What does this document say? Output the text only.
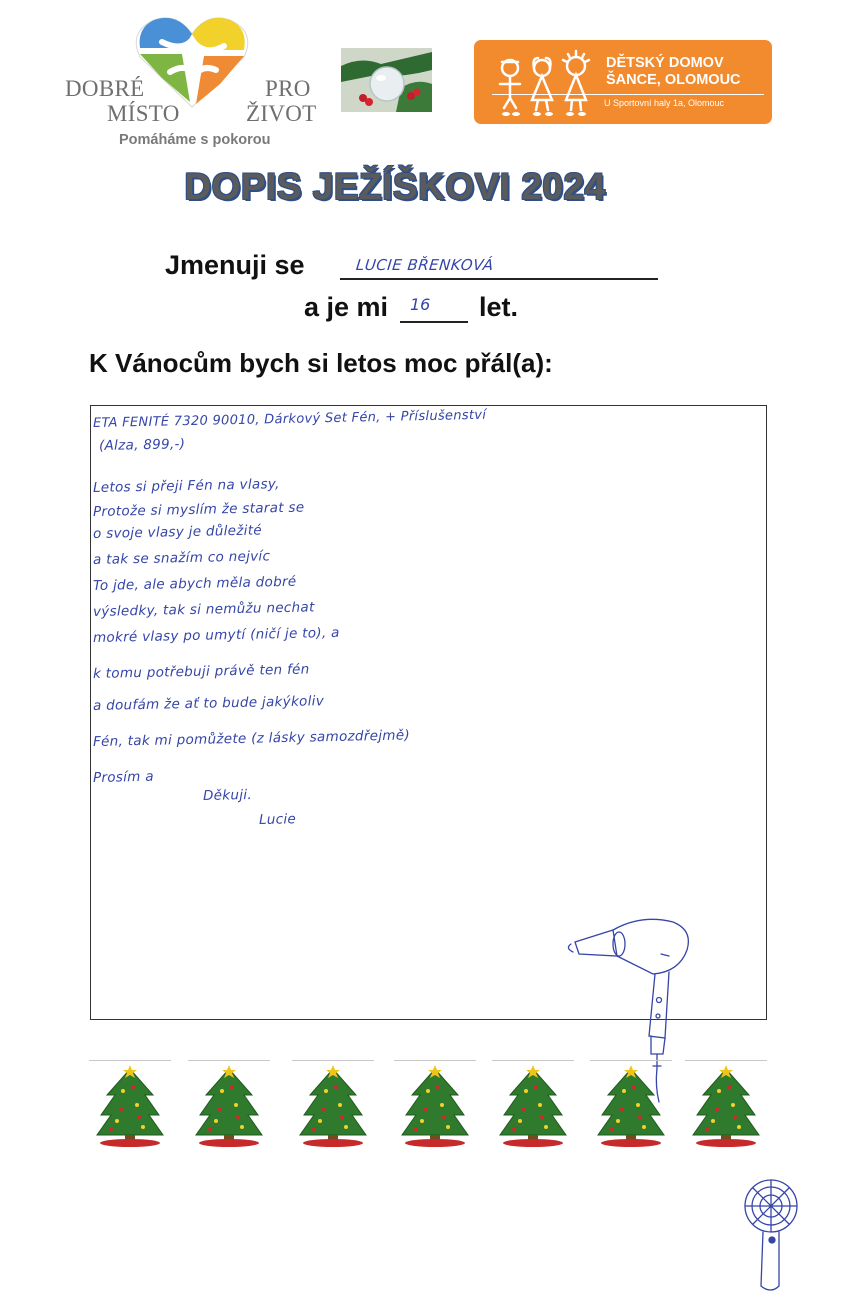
DOBRÉ	PRO
MÍSTO	ŽIVOT
Pomáháme s pokorou
DĚTSKÝ DOMOV
ŠANCE, OLOMOUC
U Sportovní haly 1a, Olomouc
DOPIS JEŽÍŠKOVI 2024
Jmenuji se	LUCIE BŘENKOVÁ
a je mi 16 let.
K Vánocům bych si letos moc přál(a):
ETA FENITÉ 7320 90010, Dárkový Set Fén, + Příslušenství
(Alza, 899,-)
Letos si přeji Fén na vlasy,
Protože si myslím že starat se
o svoje vlasy je důležité
a tak se snažím co nejvíc
To jde, ale abych měla dobré
výsledky, tak si nemůžu nechat
mokré vlasy po umytí (ničí je to), a
k tomu potřebuji právě ten fén
a doufám že ať to bude jakýkoliv
Fén, tak mi pomůžete (z lásky samozdřejmě)
Prosím a
Děkuji.
Lucie
